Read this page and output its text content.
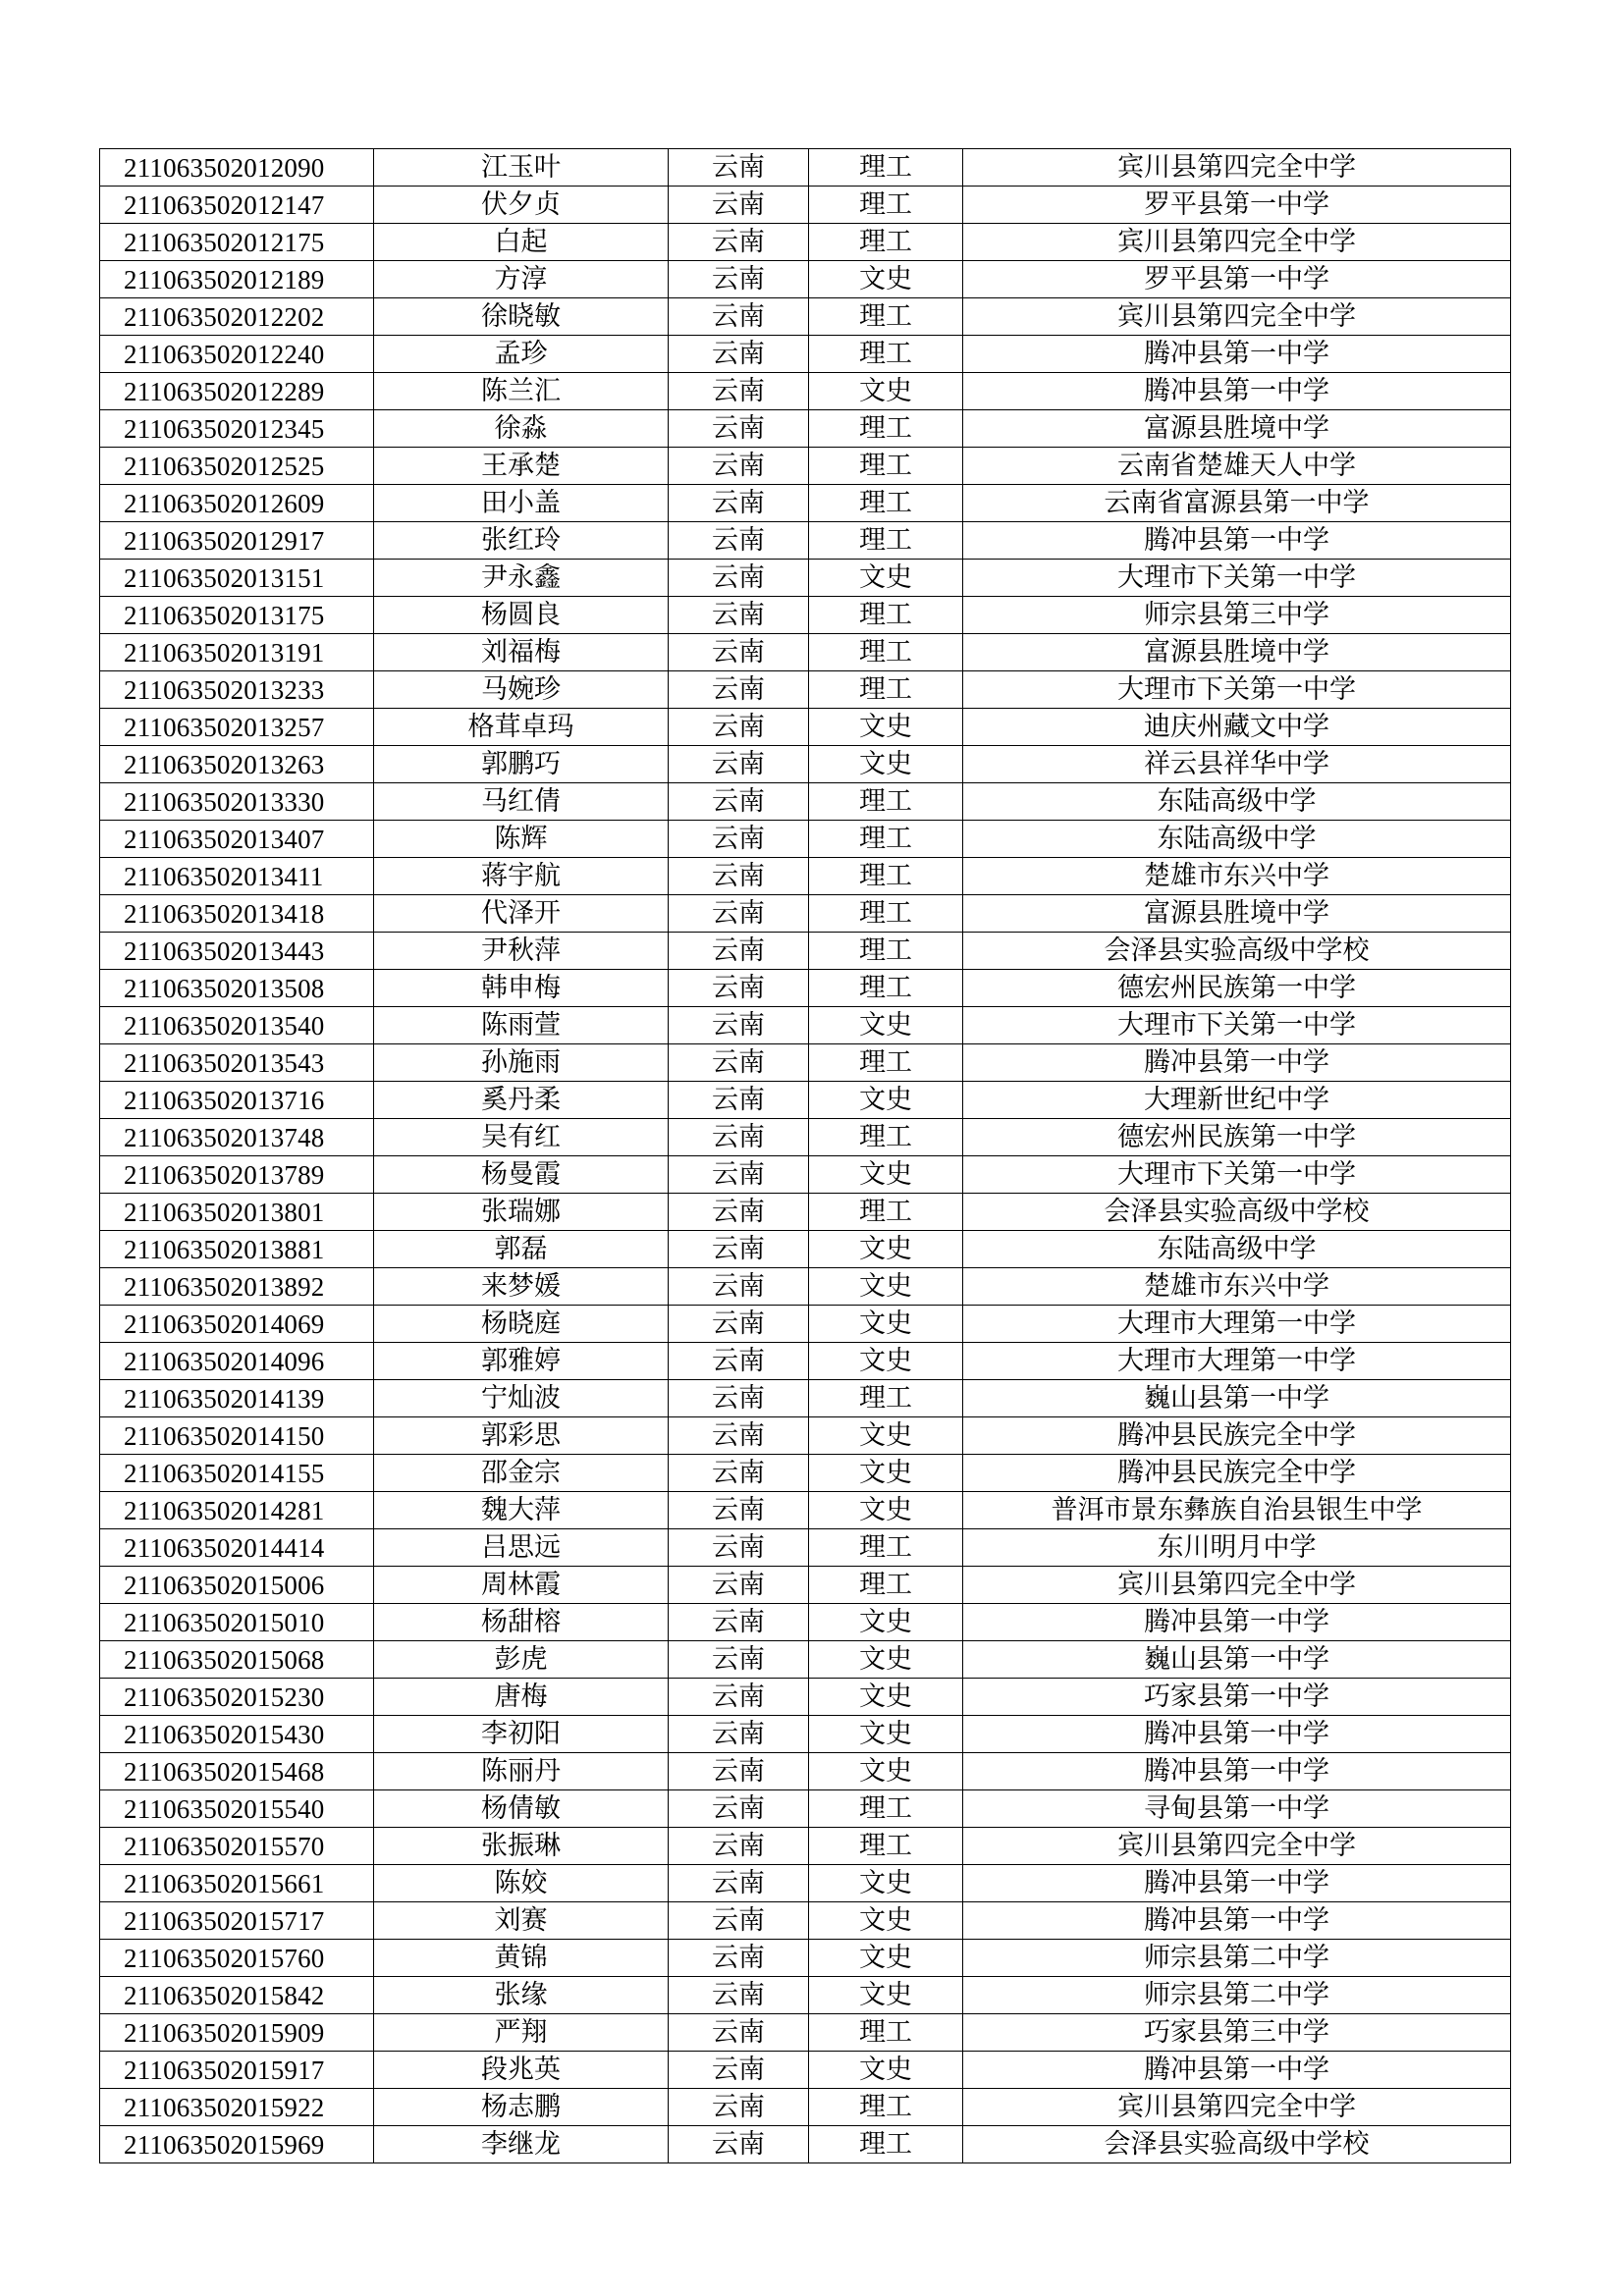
211063502012090	江玉叶	云南	理工	宾川县第四完全中学
211063502012147	伏夕贞	云南	理工	罗平县第一中学
211063502012175	白起	云南	理工	宾川县第四完全中学
211063502012189	方淳	云南	文史	罗平县第一中学
211063502012202	徐晓敏	云南	理工	宾川县第四完全中学
211063502012240	孟珍	云南	理工	腾冲县第一中学
211063502012289	陈兰汇	云南	文史	腾冲县第一中学
211063502012345	徐淼	云南	理工	富源县胜境中学
211063502012525	王承楚	云南	理工	云南省楚雄天人中学
211063502012609	田小盖	云南	理工	云南省富源县第一中学
211063502012917	张红玲	云南	理工	腾冲县第一中学
211063502013151	尹永鑫	云南	文史	大理市下关第一中学
211063502013175	杨圆良	云南	理工	师宗县第三中学
211063502013191	刘福梅	云南	理工	富源县胜境中学
211063502013233	马婉珍	云南	理工	大理市下关第一中学
211063502013257	格茸卓玛	云南	文史	迪庆州藏文中学
211063502013263	郭鹏巧	云南	文史	祥云县祥华中学
211063502013330	马红倩	云南	理工	东陆高级中学
211063502013407	陈辉	云南	理工	东陆高级中学
211063502013411	蒋宇航	云南	理工	楚雄市东兴中学
211063502013418	代泽开	云南	理工	富源县胜境中学
211063502013443	尹秋萍	云南	理工	会泽县实验高级中学校
211063502013508	韩申梅	云南	理工	德宏州民族第一中学
211063502013540	陈雨萱	云南	文史	大理市下关第一中学
211063502013543	孙施雨	云南	理工	腾冲县第一中学
211063502013716	奚丹柔	云南	文史	大理新世纪中学
211063502013748	吴有红	云南	理工	德宏州民族第一中学
211063502013789	杨曼霞	云南	文史	大理市下关第一中学
211063502013801	张瑞娜	云南	理工	会泽县实验高级中学校
211063502013881	郭磊	云南	文史	东陆高级中学
211063502013892	来梦媛	云南	文史	楚雄市东兴中学
211063502014069	杨晓庭	云南	文史	大理市大理第一中学
211063502014096	郭雅婷	云南	文史	大理市大理第一中学
211063502014139	宁灿波	云南	理工	巍山县第一中学
211063502014150	郭彩思	云南	文史	腾冲县民族完全中学
211063502014155	邵金宗	云南	文史	腾冲县民族完全中学
211063502014281	魏大萍	云南	文史	普洱市景东彝族自治县银生中学
211063502014414	吕思远	云南	理工	东川明月中学
211063502015006	周林霞	云南	理工	宾川县第四完全中学
211063502015010	杨甜榕	云南	文史	腾冲县第一中学
211063502015068	彭虎	云南	文史	巍山县第一中学
211063502015230	唐梅	云南	文史	巧家县第一中学
211063502015430	李初阳	云南	文史	腾冲县第一中学
211063502015468	陈丽丹	云南	文史	腾冲县第一中学
211063502015540	杨倩敏	云南	理工	寻甸县第一中学
211063502015570	张振琳	云南	理工	宾川县第四完全中学
211063502015661	陈姣	云南	文史	腾冲县第一中学
211063502015717	刘赛	云南	文史	腾冲县第一中学
211063502015760	黄锦	云南	文史	师宗县第二中学
211063502015842	张缘	云南	文史	师宗县第二中学
211063502015909	严翔	云南	理工	巧家县第三中学
211063502015917	段兆英	云南	文史	腾冲县第一中学
211063502015922	杨志鹏	云南	理工	宾川县第四完全中学
211063502015969	李继龙	云南	理工	会泽县实验高级中学校
